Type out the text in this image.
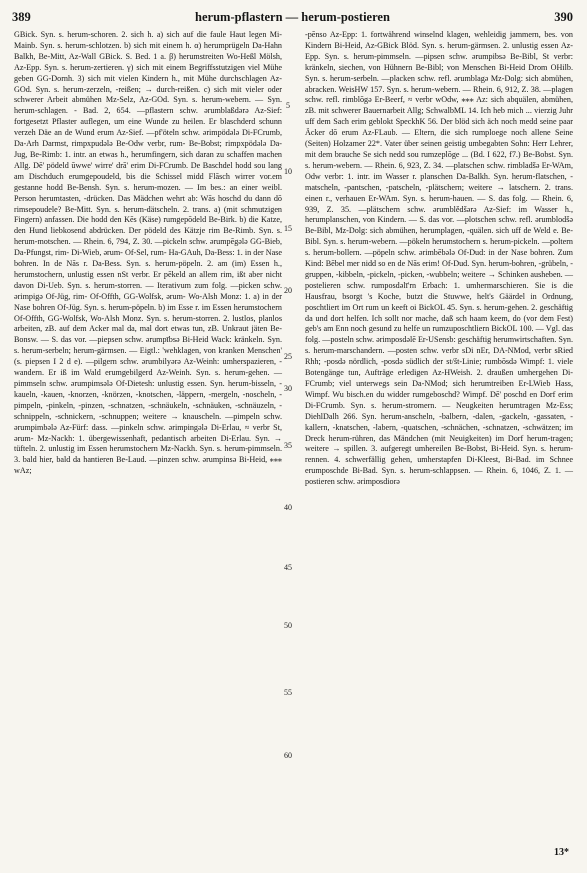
389	herum-pflastern — herum-postieren	390

GBick. Syn. s. herum-schoren. 2. sich h. a) sich auf die faule Haut legen Mi-Mainb. Syn. s. herum-schlotzen. b) sich mit einem h. α) herumprügeln Da-Hahn Balkh, Be-Mitt, Az-Wall GBick. S. Bed. 1 a. β) herumstreiten Wo-Heßl Mölsh, Az-Epp. Syn. s. herum-zertieren. γ) sich mit einem Begriffsstutzigen viel Mühe geben GG-Dornh. 3) sich mit vielen Kindern h., mit Mühe durchschlagen Az-GOd. Syn. s. herum-zerzeln, -reißen; → durch-reißen. c) sich mit vieler oder schwerer Arbeit abmühen Mz-Selz, Az-GOd. Syn. s. herum-webern. — Syn. herum-schlagen. - Bad. 2, 654. —pflastern schw. ərumblaßdərə Az-Sief: fortgesetzt Pflaster auflegen, um eine Wunde zu heilen. Er blaschderd schunn verzeh Däe an de Wund erum Az-Sief. —pf'öteln schw. ərimpödələ Di-FCrumb, Da-Arh Darmst, rimpxpudələ Be-Odw verbr, rum- Be-Bobst; rimpxpödələ Da-Jug, Be-Rimb: 1. intr. an etwas h., herumfingern, sich daran zu schaffen machen Allg. Dē' pödeld ūwwe' wirre' drā' erim Di-FCrumb. De Baschdel hodd sou lang am Dischduch erumgepoudeld, bis die Schissel midd Flāsch wirrer vor.em gestanne hodd Be-Bensh. Syn. s. herum-mozen. — Im bes.: an einer weibl. Person herumtasten, -drücken. Das Mädchen wehrt ab: Wās hoschd du dann dō rimsepoudele? Be-Mitt. Syn. s. herum-dätscheln. 2. trans. a) (mit schmutzigen Fingern) anfassen. Die hodd den Kēs (Käse) rumgepōdeld Be-Birk. b) die Katze, den Hund liebkosend abdrücken. Der pödeld des Kätzje rim Be-Rimb. Syn. s. herum-motschen. — Rhein. 6, 794, Z. 30. —pickeln schw. ərumpēgələ GG-Bieb, Da-Pfungst, rim- Di-Wieb, ərum- Of-Sel, rum- Ha-GAuh, Da-Bess: 1. in der Nase bohren. In de Nās r. Da-Bess. Syn. s. herum-pöpeln. 2. am (im) Essen h., herumstochern, unlustig essen nSt verbr. Er pēkeld an allem rim, ißt aber nicht davon Di-Ueb. Syn. s. herum-storren. — Iterativum zum folg. —picken schw. ərimpigə Of-Jüg, rim- Of-Offth, GG-Wolfsk, ərum- Wo-Alsh Monz: 1. a) in der Nase bohren Of-Jüg. Syn. s. herum-pöpeln. b) im Esse r. im Essen herumstochern Of-Offth, GG-Wolfsk, Wo-Alsh Monz. Syn. s. herum-storren. 2. lustlos, planlos arbeiten, zB. auf dem Acker mal da, mal dort etwas tun, zB. Unkraut jäten Be-Bonsw. — S. das vor. —piepsen schw. ərumpībsə Bi-Heid Wack: kränkeln. Syn. s. herum-serbeln; herum-gärmsen. — Eigtl.: 'wehklagen, von kranken Menschen' (s. piepsen I 2 d e). —pilgern schw. ərumbilyərə Az-Weinh: umherspazieren, -wandern. Er iß im Wald erumgebilgerd Az-Weinh. Syn. s. herum-gehen. —pimmseln schw. ərumpimsələ Of-Dietesh: unlustig essen. Syn. herum-bisseln, -kaueln, -kauen, -knorzen, -knörzen, -knotschen, -läppern, -mergeln, -noscheln, -pimpeln, -pinkeln, -pinzen, -schnatzen, -schnäukeln, -schnäuken, -schnäuzeln, -schnippeln, -schnickern, -schnuppen; weitere → knauscheln. —pimpeln schw. ərumpimbələ Az-Fürf: dass. —pinkeln schw. ərimpingələ Di-Erlau, ≈ verbr St, ərum- Mz-Nackh: 1. übergewissenhaft, pedantisch arbeiten Di-Erlau. Syn. → tüfteln. 2. unlustig im Essen herumstochern Mz-Nackh. Syn. s. herum-pimmseln. 3. bald hier, bald da hantieren Be-Laud. —pinzen schw. ərumpinsə Bi-Heid, ⁎⁎⁎ wAz;

5
10
15
20
25
30
35
40
45
50
55
60

-pēnso Az-Epp: 1. fortwährend winselnd klagen, wehleidig jammern, bes. von Kindern Bi-Heid, Az-GBick Blöd. Syn. s. herum-gärmsen. 2. unlustig essen Az-Epp. Syn. s. herum-pimmseln. —pipsen schw. ərumpibsə Be-Bibl, St verbr: kränkeln, siechen, von Hühnern Be-Bibl; von Menschen Bi-Heid Drom OHilb. Syn. s. herum-serbeln. —placken schw. refl. ərumblagə Mz-Dolg: sich abmühen, abracken. WeisHW 157. Syn. s. herum-webern. — Rhein. 6, 912, Z. 38. —plagen schw. refl. rimblōgə Er-Beerf, ≈ verbr wOdw, ⁎⁎⁎ Az: sich abquälen, abmühen, zB. mit schwerer Bauernarbeit Allg; SchwalbML 14. Ich heb mich ... vierzig Juhr uff dem Sach erim geblokt SpeckhK 56. Der blöd sich äch noch medd seine paar Äcker dō erum Az-FLaub. — Eltern, die sich rumploege noch allene Seine (Seiten) Holzamer 22*. Vater über seinen geistig umbegabten Sohn: Herr Lehrer, mit dem brauche Se sich nedd sou rumzeplōge ... (Bd. I 622, f7.) Be-Bobst. Syn. s. herum-webern. — Rhein. 6, 923, Z. 34. —platschen schw. rimbladšə Er-WAm, Odw verbr: 1. intr. im Wasser r. planschen Da-Balkh. Syn. herum-flatschen, -matscheln, -pantschen, -patscheln, -plätschern; weitere → latschern. 2. trans. einen r., verhauen Er-WAm. Syn. s. herum-hauen. — S. das folg. — Rhein. 6, 939, Z. 35. —plätschern schw. ərumblědšərə Az-Sief: im Wasser h., herumplanschen, von Kindern. — S. das vor. —plotschen schw. refl. ərumblodšə Be-Bibl, Mz-Dolg: sich abmühen, herumplagen, -quälen. sich uff de Weld e. Be-Bibl. Syn. s. herum-webern. —pökeln herumstochern s. herum-pickeln. —poltern s. herum-bollern. —pöpeln schw. ərimbēbələ Of-Dud: in der Nase bohren. Zum Kind: Bēbel mer nidd so en de Nās erim! Of-Dud. Syn. herum-bohren, -grübeln, -gruppen, -kibbeln, -pickeln, -picken, -wubbeln; weitere → Schinken ausheben. —postelieren schw. rumposdəlī'rn Erbach: 1. umhermarschieren. Sie is die Hausfrau, bsorgt 's Koche, butzt die Stuwwe, helt's Gäärdel in Ordnung, poschtliert im Ort rum un keeft oi BickOL 45. Syn. s. herum-gehen. 2. geschäftig da und dort helfen. Ich sollt nor mache, daß sch haam keem, do (vor dem Fest) geb's am Enn noch gesund zu helfe un rumzuposchtliern BickOL 100. — Vgl. das folg. —posteln schw. ərimposdəlē Er-USensb: geschäftig herumwirtschaften. Syn. s. herum-marschandern. —posten schw. verbr sDi nEr, DA-NMod, verbr sRied Rhh; -posdə nördlich, -posdə südlich der st/št-Linie; rumbōsdə Wimpf: 1. viele Botengänge tun, Aufträge erledigen Az-HWeish. 2. draußen umhergehen Di-FCrumb; viel unterwegs sein Da-NMod; sich herumtreiben Er-LWieb Hass, Wimpf. Wu bisch.en du widder rumgeboschd? Wimpf. Dē' poschd en Dorf erim Di-FCrumb. Syn. s. herum-stromern. — Neugkeiten herumtragen Mz-Ess; DiehlDalh 266. Syn. herum-anscheln, -balbern, -dalen, -gackeln, -gassaten, -kallern, -knatschen, -labern, -quatschen, -schnächen, -schnatzen, -schwätzen; im Dreck herum-rühren, das Mändchen (mit Neuigkeiten) im Dorf herum-tragen; weitere → spillen. 3. aufgeregt umhereilen Be-Bobst, Bi-Heid. Syn. s. herum-rennen. 4. schwerfällig gehen, umherstapfen Di-Kleest, Bi-Bad. im Schnee erumposchde Bi-Bad. Syn. s. herum-schlappsen. — Rhein. 6, 1046, Z. 1. —postieren schw. ərimposdiorə

13*
